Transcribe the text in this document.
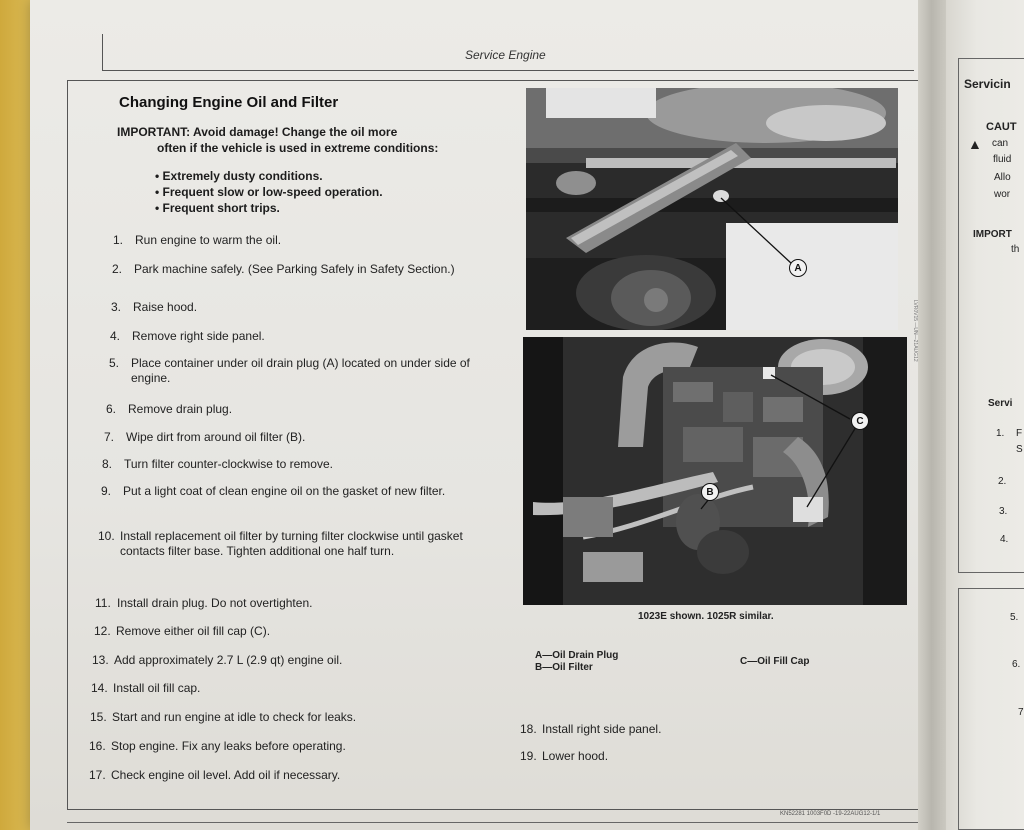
Service Engine
Changing Engine Oil and Filter
IMPORTANT: Avoid damage! Change the oil more
often if the vehicle is used in extreme conditions:
• Extremely dusty conditions.
• Frequent slow or low-speed operation.
• Frequent short trips.
1. Run engine to warm the oil.
2. Park machine safely. (See Parking Safely in Safety Section.)
3. Raise hood.
4. Remove right side panel.
5. Place container under oil drain plug (A) located on under side of engine.
6. Remove drain plug.
7. Wipe dirt from around oil filter (B).
8. Turn filter counter-clockwise to remove.
9. Put a light coat of clean engine oil on the gasket of new filter.
10. Install replacement oil filter by turning filter clockwise until gasket contacts filter base. Tighten additional one half turn.
11. Install drain plug. Do not overtighten.
12. Remove either oil fill cap (C).
13. Add approximately 2.7 L (2.9 qt) engine oil.
14. Install oil fill cap.
15. Start and run engine at idle to check for leaks.
16. Stop engine. Fix any leaks before operating.
17. Check engine oil level. Add oil if necessary.
18. Install right side panel.
19. Lower hood.
A
C
B
1023E shown. 1025R similar.
A—Oil Drain Plug
B—Oil Filter
C—Oil Fill Cap
LVR0V15 —UN—21AUG12
KN52281 1003F0D -19-22AUG12-1/1
Servicin
▲
CAUT
can
fluid
Allo
wor
IMPORT
th
Servi
1. F
S
2.
3.
4.
5.
6.
7
